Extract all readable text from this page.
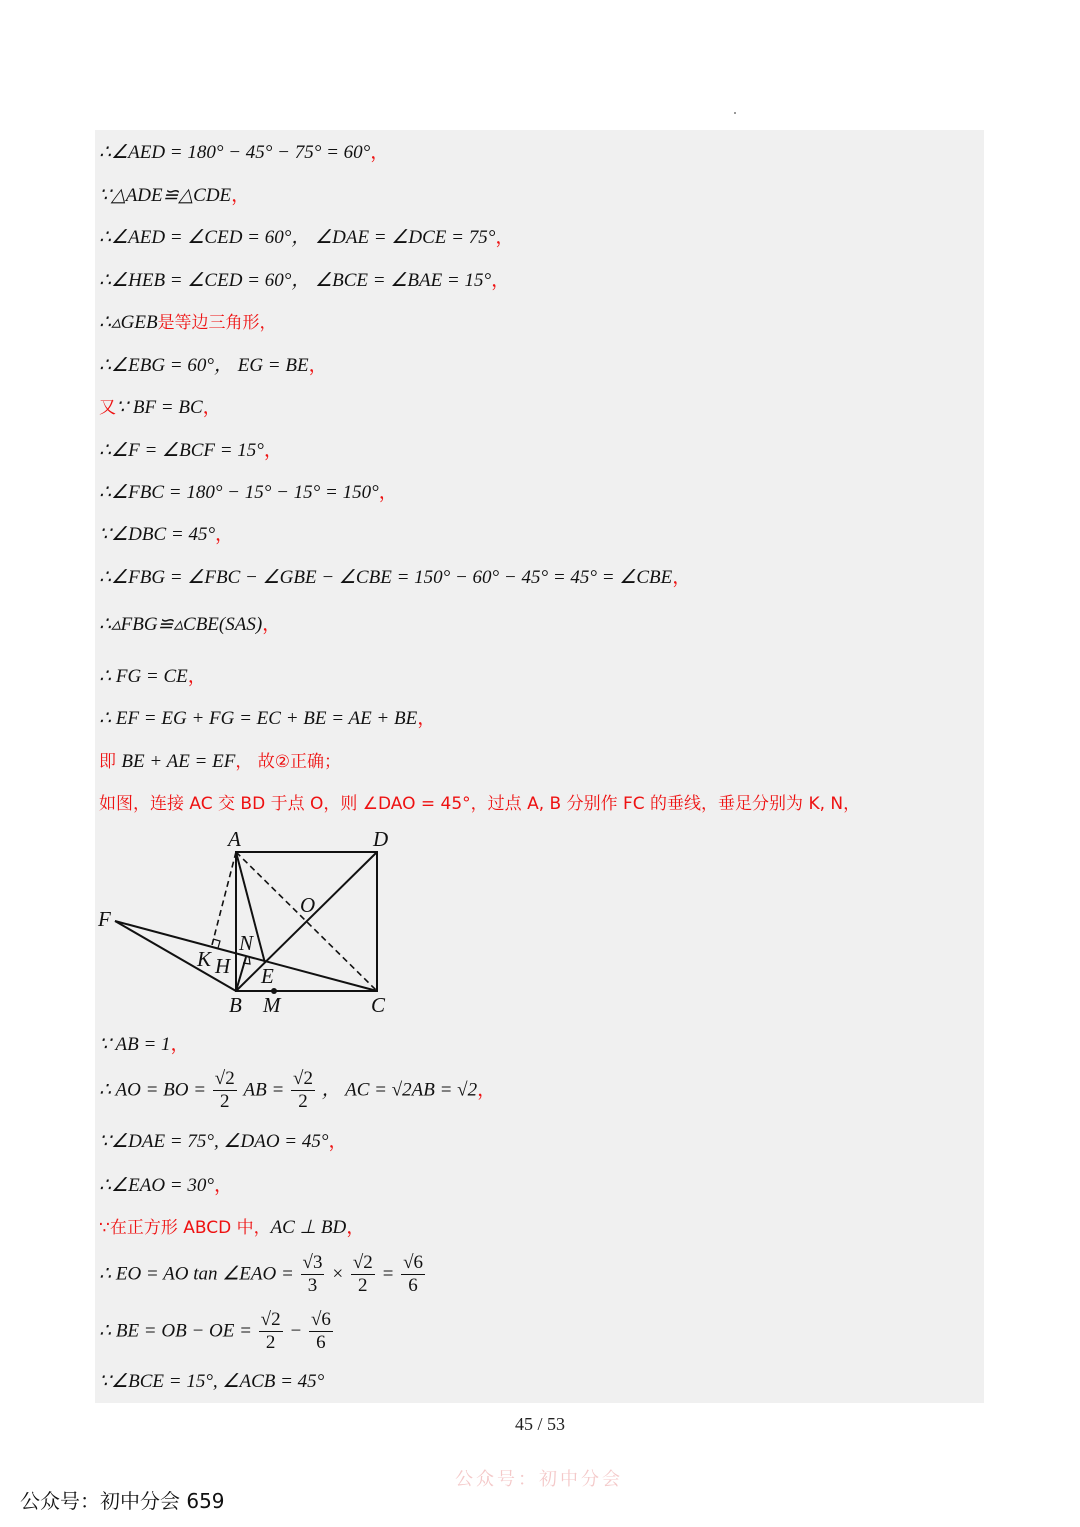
∴∠AED = 180° − 45° − 75° = 60°，
∵△ADE≌△CDE，
∴∠AED = ∠CED = 60°， ∠DAE = ∠DCE = 75°，
∴∠HEB = ∠CED = 60°， ∠BCE = ∠BAE = 15°，
∴▵GEB是等边三角形，
∴∠EBG = 60°， EG = BE，
又∵ BF = BC，
∴∠F = ∠BCF = 15°，
∴∠FBC = 180° − 15° − 15° = 150°，
∵∠DBC = 45°，
∴∠FBG = ∠FBC − ∠GBE − ∠CBE = 150° − 60° − 45° = 45° = ∠CBE，
∴▵FBG≌▵CBE(SAS)，
∴ FG = CE，
∴ EF = EG + FG = EC + BE = AE + BE，
即 BE + AE = EF， 故②正确；
如图，连接 AC 交 BD 于点 O，则 ∠DAO = 45°，过点 A, B 分别作 FC 的垂线，垂足分别为 K, N，
A	D
F
O
N
K H E
B M	C
∵ AB = 1，
∴ AO = BO = $\frac{√2}{2}$ AB = $\frac{√2}{2}$ ， AC = √2AB = √2，
∵∠DAE = 75°, ∠DAO = 45°，
∴∠EAO = 30°，
∵在正方形 ABCD 中，AC ⊥ BD，
∴ EO = AO tan ∠EAO = $\frac{√3}{3} \times \frac{√2}{2} = \frac{√6}{6}$
∴ BE = OB − OE = $\frac{√2}{2} - \frac{√6}{6}$
∵∠BCE = 15°, ∠ACB = 45°
45 / 53
公众号：初中分会
公众号：初中分会 659
